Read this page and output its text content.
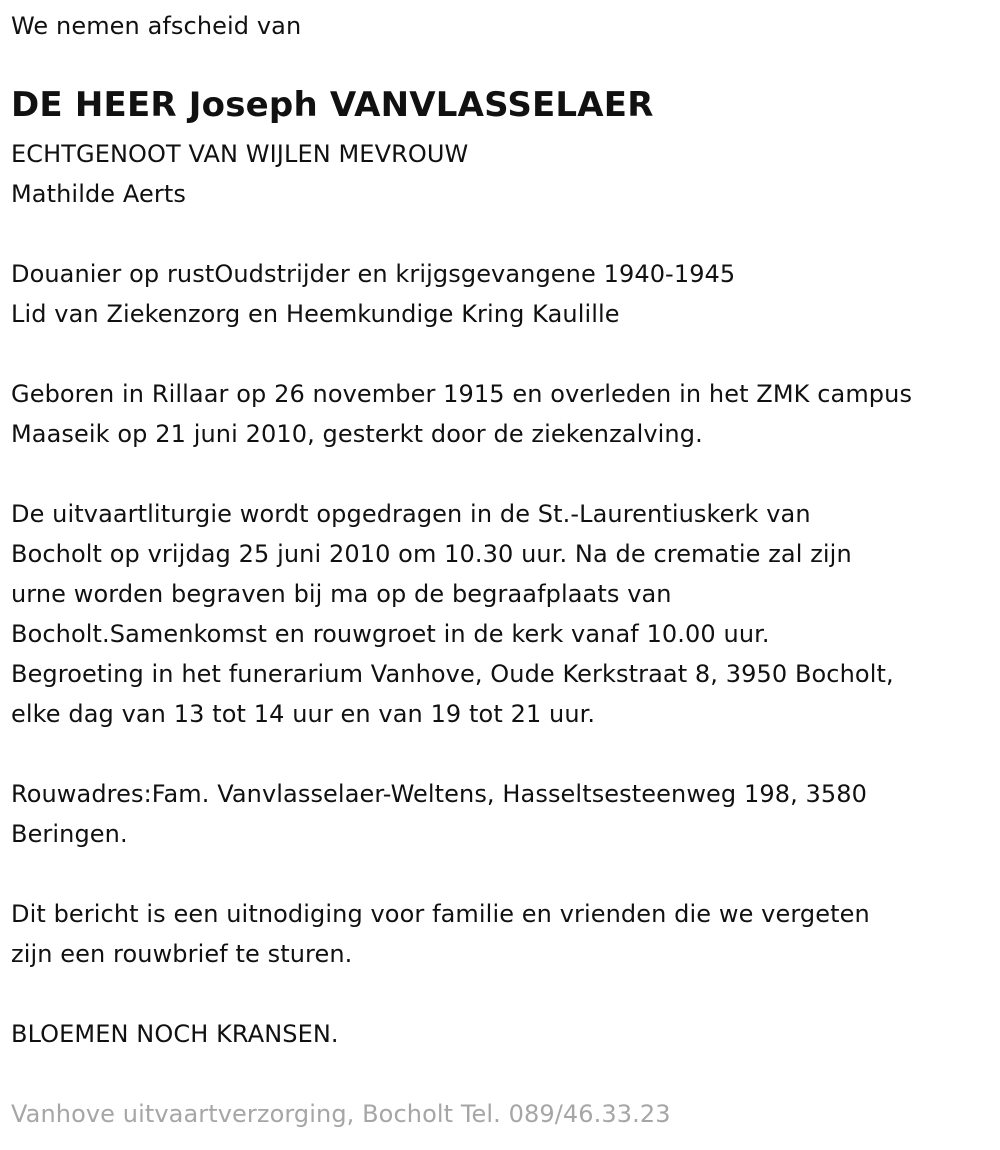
We nemen afscheid van
DE HEER Joseph VANVLASSELAER
ECHTGENOOT VAN WIJLEN MEVROUW
Mathilde Aerts
Douanier op rustOudstrijder en krijgsgevangene 1940-1945
Lid van Ziekenzorg en Heemkundige Kring Kaulille
Geboren in Rillaar op 26 november 1915 en overleden in het ZMK campus
Maaseik op 21 juni 2010, gesterkt door de ziekenzalving.
De uitvaartliturgie wordt opgedragen in de St.-Laurentiuskerk van
Bocholt op vrijdag 25 juni 2010 om 10.30 uur. Na de crematie zal zijn
urne worden begraven bij ma op de begraafplaats van
Bocholt.Samenkomst en rouwgroet in de kerk vanaf 10.00 uur.
Begroeting in het funerarium Vanhove, Oude Kerkstraat 8, 3950 Bocholt,
elke dag van 13 tot 14 uur en van 19 tot 21 uur.
Rouwadres:Fam. Vanvlasselaer-Weltens, Hasseltsesteenweg 198, 3580
Beringen.
Dit bericht is een uitnodiging voor familie en vrienden die we vergeten
zijn een rouwbrief te sturen.
BLOEMEN NOCH KRANSEN.
Vanhove uitvaartverzorging, Bocholt Tel. 089/46.33.23
